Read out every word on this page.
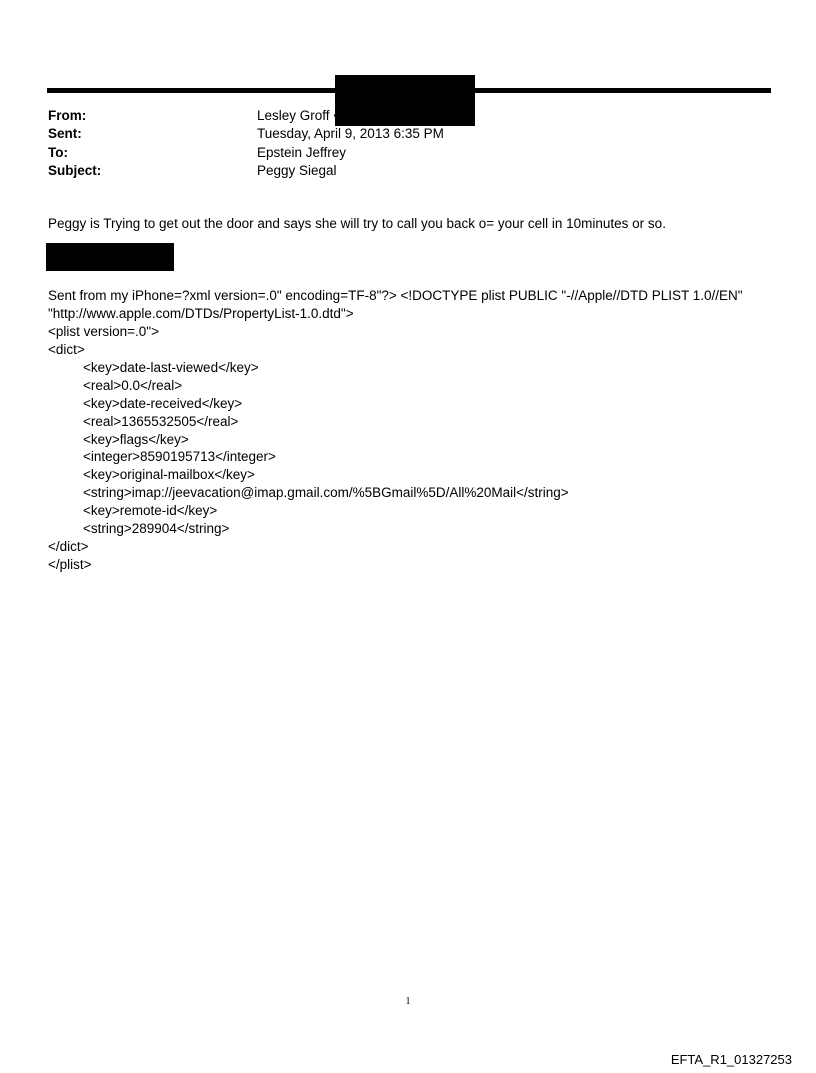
From:	Lesley Groff <
Sent:	Tuesday, April 9, 2013 6:35 PM
To:	Epstein Jeffrey
Subject:	Peggy Siegal
Peggy is Trying to get out the door and says she will try to call you back o= your cell in 10minutes or so.
Sent from my iPhone=?xml version=.0" encoding=TF-8"?> <!DOCTYPE plist PUBLIC "-//Apple//DTD PLIST 1.0//EN"
"http://www.apple.com/DTDs/PropertyList-1.0.dtd">
<plist version=.0">
<dict>
<key>date-last-viewed</key>
<real>0.0</real>
<key>date-received</key>
<real>1365532505</real>
<key>flags</key>
<integer>8590195713</integer>
<key>original-mailbox</key>
<string>imap://jeevacation@imap.gmail.com/%5BGmail%5D/All%20Mail</string>
<key>remote-id</key>
<string>289904</string>
</dict>
</plist>
1
EFTA_R1_01327253
